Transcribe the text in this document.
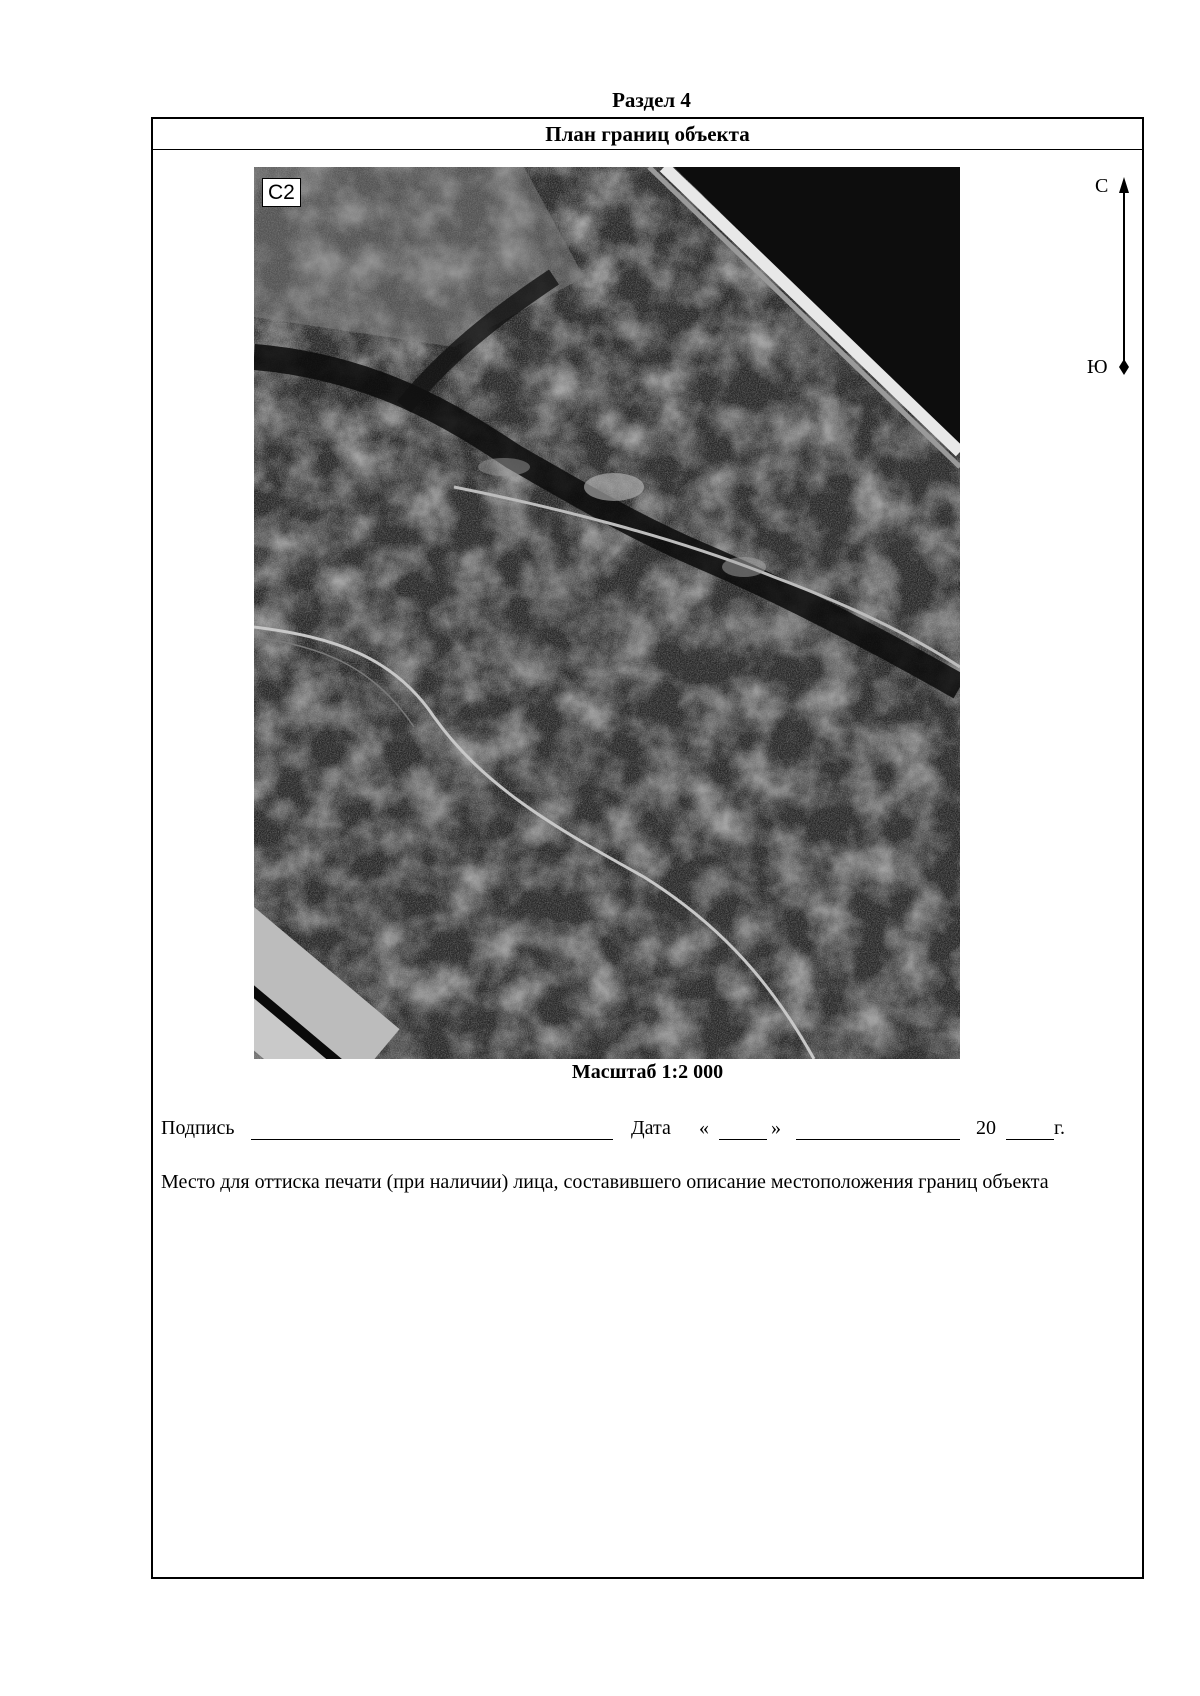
Раздел 4
План границ объекта
С2	С
Ю
Масштаб 1:2 000
Подпись	Дата «	»	20	г.
Место для оттиска печати (при наличии) лица, составившего описание местоположения границ объекта
